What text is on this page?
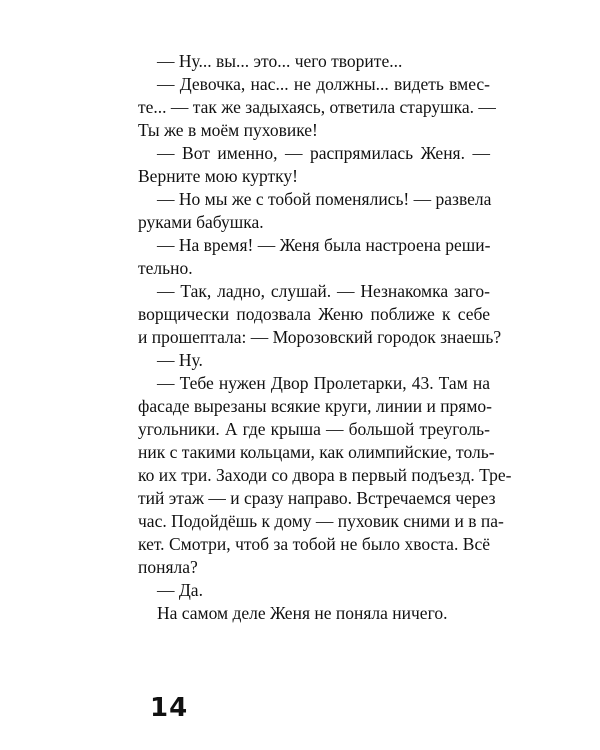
— Ну... вы... это... чего творите...
— Девочка, нас... не должны... видеть вмес-
те... — так же задыхаясь, ответила старушка. —
Ты же в моём пуховике!
— Вот именно, — распрямилась Женя. —
Верните мою куртку!
— Но мы же с тобой поменялись! — развела
руками бабушка.
— На время! — Женя была настроена реши-
тельно.
— Так, ладно, слушай. — Незнакомка заго-
ворщически подозвала Женю поближе к себе
и прошептала: — Морозовский городок знаешь?
— Ну.
— Тебе нужен Двор Пролетарки, 43. Там на
фасаде вырезаны всякие круги, линии и прямо-
угольники. А где крыша — большой треуголь-
ник с такими кольцами, как олимпийские, толь-
ко их три. Заходи со двора в первый подъезд. Тре-
тий этаж — и сразу направо. Встречаемся через
час. Подойдёшь к дому — пуховик сними и в па-
кет. Смотри, чтоб за тобой не было хвоста. Всё
поняла?
— Да.
На самом деле Женя не поняла ничего.
14
